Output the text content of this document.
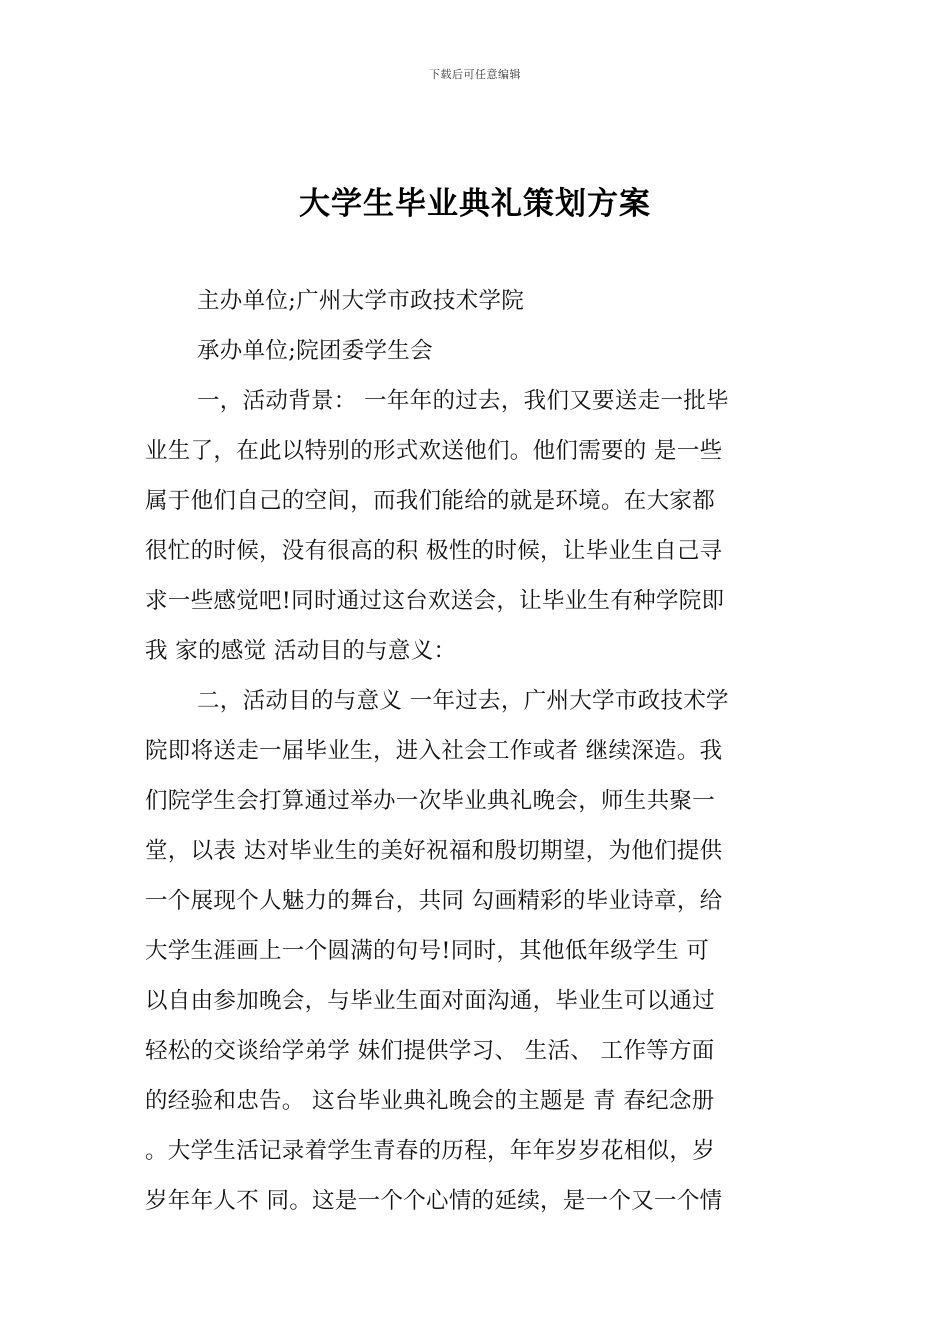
下载后可任意编辑
大学生毕业典礼策划方案
主办单位;广州大学市政技术学院
承办单位;院团委学生会
一，活动背景： 一年年的过去，我们又要送走一批毕
业生了，在此以特别的形式欢送他们。他们需要的 是一些
属于他们自己的空间，而我们能给的就是环境。在大家都
很忙的时候，没有很高的积 极性的时候，让毕业生自己寻
求一些感觉吧!同时通过这台欢送会，让毕业生有种学院即
我 家的感觉 活动目的与意义：
二，活动目的与意义 一年过去，广州大学市政技术学
院即将送走一届毕业生，进入社会工作或者 继续深造。我
们院学生会打算通过举办一次毕业典礼晚会，师生共聚一
堂，以表 达对毕业生的美好祝福和殷切期望，为他们提供
一个展现个人魅力的舞台，共同 勾画精彩的毕业诗章，给
大学生涯画上一个圆满的句号!同时，其他低年级学生 可
以自由参加晚会，与毕业生面对面沟通，毕业生可以通过
轻松的交谈给学弟学 妹们提供学习、 生活、 工作等方面
的经验和忠告。 这台毕业典礼晚会的主题是 青 春纪念册
。大学生活记录着学生青春的历程，年年岁岁花相似，岁
岁年年人不 同。这是一个个心情的延续，是一个又一个情
